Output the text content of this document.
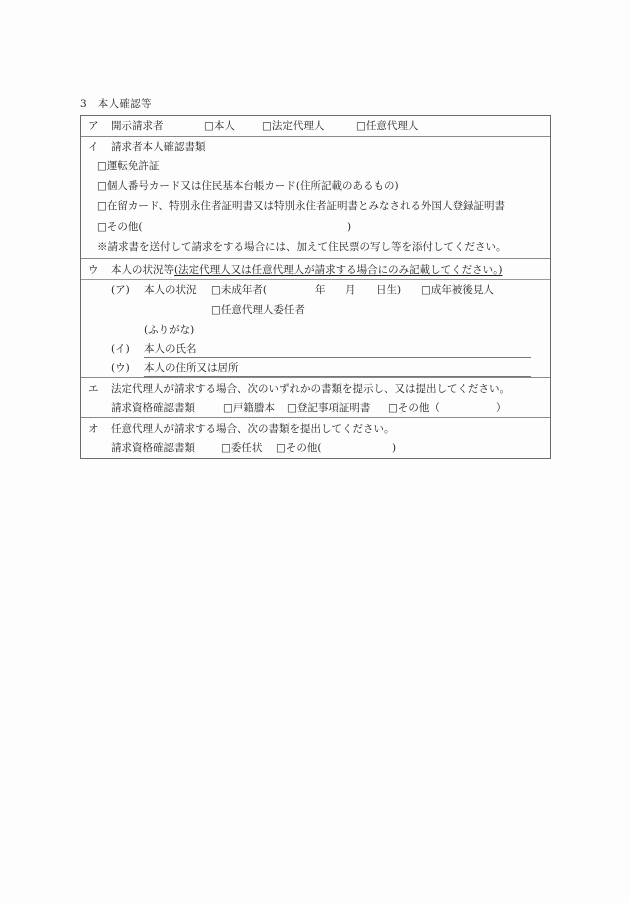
3　本人確認等
ア 開示請求者	□本人	□法定代理人	□任意代理人
イ 請求者本人確認書類
□運転免許証
□個人番号カード又は住民基本台帳カード(住所記載のあるもの)
□在留カード、特別永住者証明書又は特別永住者証明書とみなされる外国人登録証明書
□その他(	)
※請求書を送付して請求をする場合には、加えて住民票の写し等を添付してください。
ウ 本人の状況等 (法定代理人又は任意代理人が請求する場合にのみ記載してください。)
(ア) 本人の状況 □未成年者(	年 月 日生) □成年被後見人
□任意代理人委任者
(ふりがな)
(イ) 本人の氏名
(ウ) 本人の住所又は居所
エ 法定代理人が請求する場合、次のいずれかの書類を提示し、又は提出してください。
請求資格確認書類	□戸籍謄本 □登記事項証明書 □その他（	）
オ 任意代理人が請求する場合、次の書類を提出してください。
請求資格確認書類 □委任状 □その他(	)
